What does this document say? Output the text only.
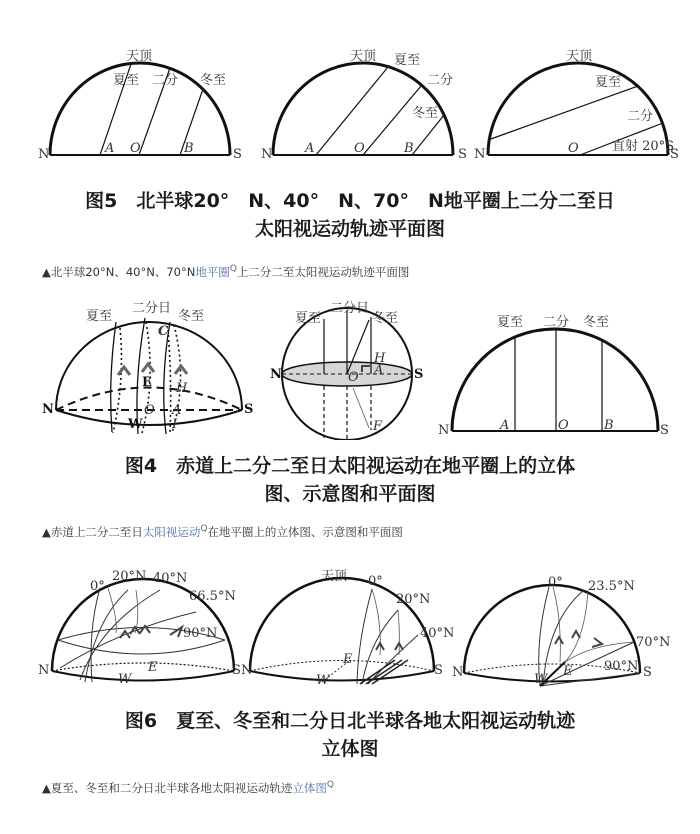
天顶
夏至 二分 冬至
N	S
A O	B
天顶 夏至
二分
冬至
N	S
A	O	B
天顶
夏至
二分
直射 20°S
N	S
O
图5　北半球20°　N、40°　N、70°　N地平圈上二分二至日
太阳视运动轨迹平面图
▲北半球20°N、40°N、70°N地平圈$^Q$上二分二至太阳视运动轨迹平面图
夏至
二分日
冬至
C
E H
N	S
O A
W I
夏至
二分日
冬至
N	S
H
A
O
F
夏至 二分 冬至
N	S
A	O	B
图4　赤道上二分二至日太阳视运动在地平圈上的立体
图、示意图和平面图
▲赤道上二分二至日太阳视运动$^Q$在地平圈上的立体图、示意图和平面图
0°
20°N 40°N
66.5°N
90°N
N	S
E
W
天顶 0°
20°N
40°N
N	S
E
W
0° 23.5°N
70°N
90°N
N	S
E
W
图6　夏至、冬至和二分日北半球各地太阳视运动轨迹
立体图
▲夏至、冬至和二分日北半球各地太阳视运动轨迹立体图$^Q$
